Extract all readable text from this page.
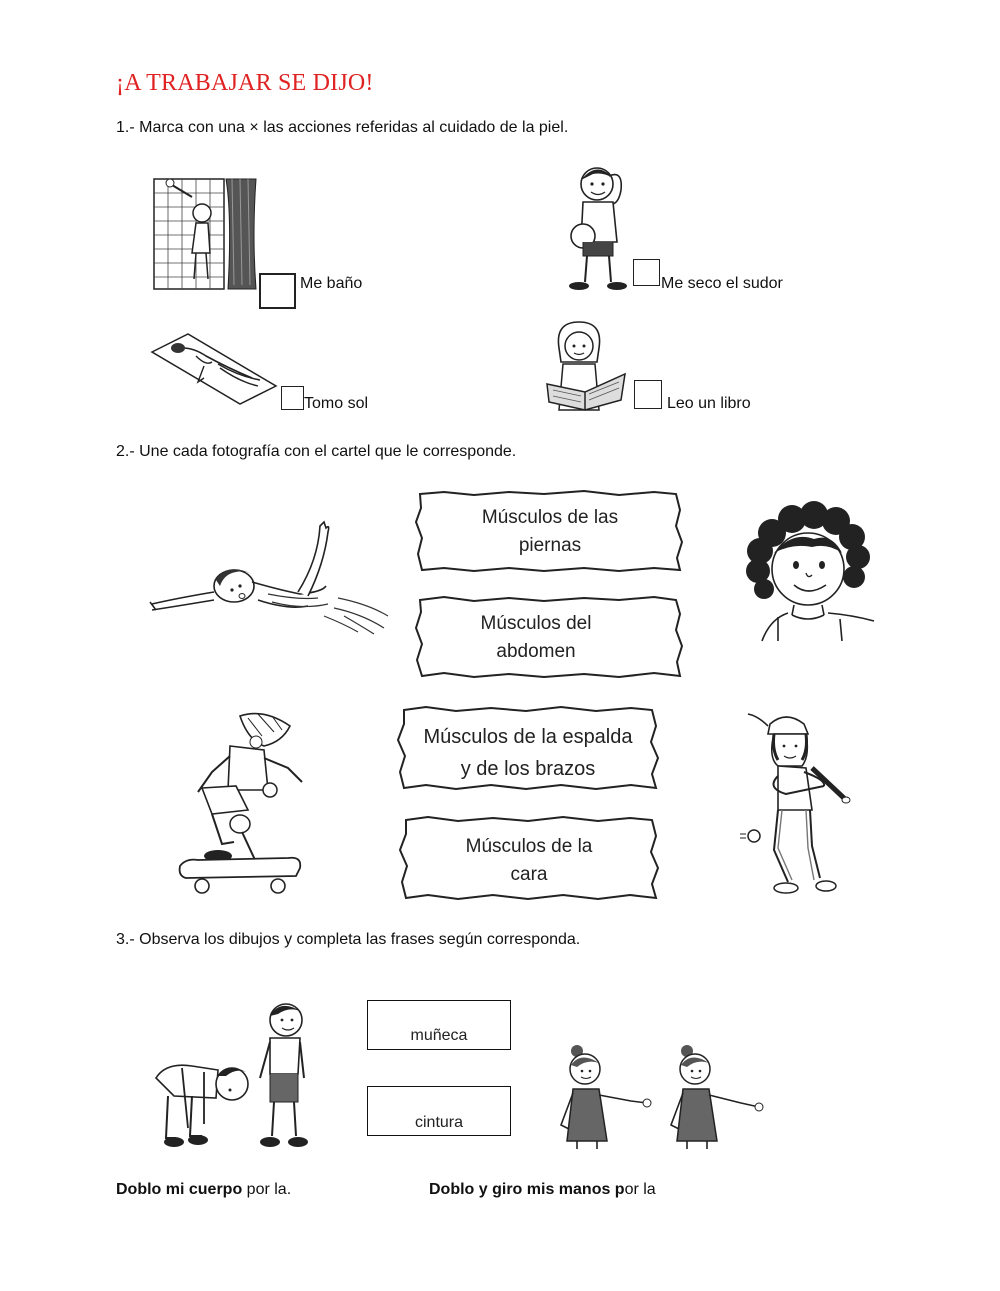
¡A TRABAJAR SE DIJO!
1.- Marca con una × las acciones referidas al cuidado de la piel.
Me baño	Me seco el sudor
Tomo sol	Leo un libro
2.- Une cada fotografía con el cartel que le corresponde.
Músculos de las
piernas
Músculos del
abdomen
Músculos de la espalda
y de los brazos
Músculos de la
cara
3.- Observa los dibujos y completa las frases según corresponda.
muñeca
cintura
Doblo mi cuerpo por la.	Doblo y giro mis manos por la
